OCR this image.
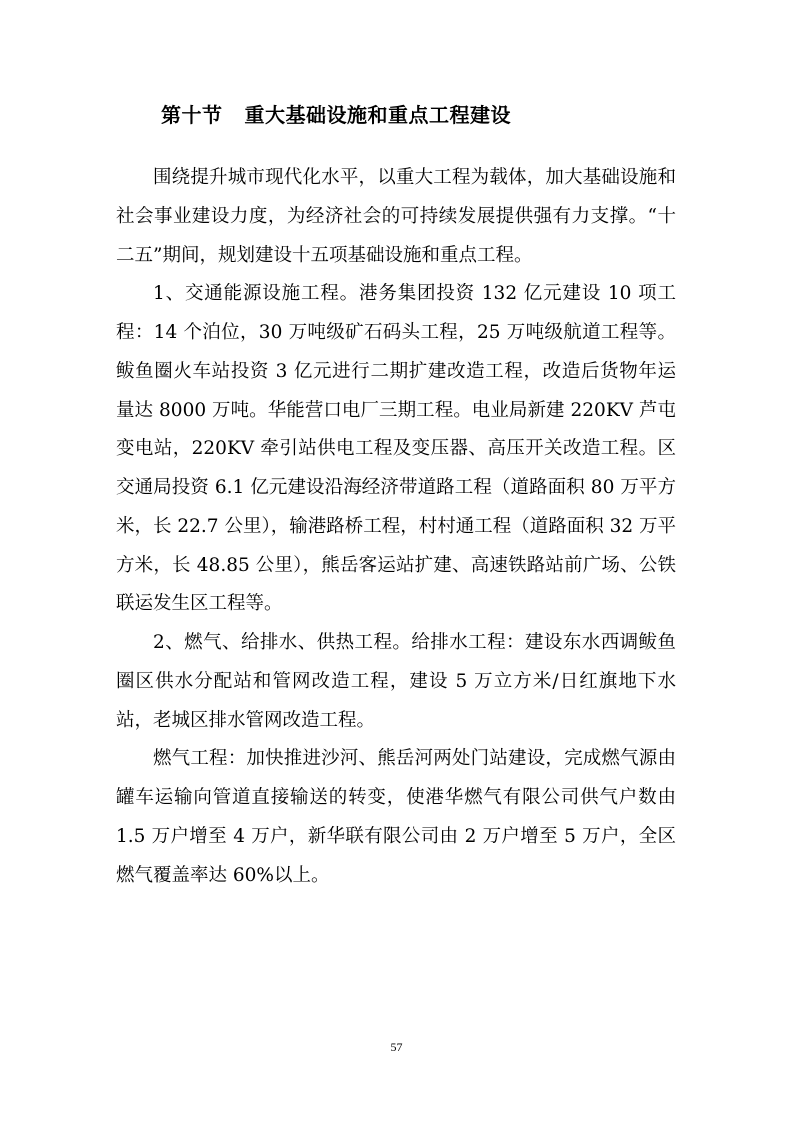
第十节 重大基础设施和重点工程建设

围绕提升城市现代化水平，以重大工程为载体，加大基础设施和社会事业建设力度，为经济社会的可持续发展提供强有力支撑。“十二五”期间，规划建设十五项基础设施和重点工程。

1、交通能源设施工程。港务集团投资 132 亿元建设 10 项工程：14 个泊位，30 万吨级矿石码头工程，25 万吨级航道工程等。鲅鱼圈火车站投资 3 亿元进行二期扩建改造工程，改造后货物年运量达 8000 万吨。华能营口电厂三期工程。电业局新建 220KV 芦屯变电站，220KV 牵引站供电工程及变压器、高压开关改造工程。区交通局投资 6.1 亿元建设沿海经济带道路工程（道路面积 80 万平方米，长 22.7 公里），输港路桥工程，村村通工程（道路面积 32 万平方米，长 48.85 公里），熊岳客运站扩建、高速铁路站前广场、公铁联运发生区工程等。

2、燃气、给排水、供热工程。给排水工程：建设东水西调鲅鱼圈区供水分配站和管网改造工程，建设 5 万立方米/日红旗地下水站，老城区排水管网改造工程。

燃气工程：加快推进沙河、熊岳河两处门站建设，完成燃气源由罐车运输向管道直接输送的转变，使港华燃气有限公司供气户数由 1.5 万户增至 4 万户，新华联有限公司由 2 万户增至 5 万户，全区燃气覆盖率达 60%以上。

57
